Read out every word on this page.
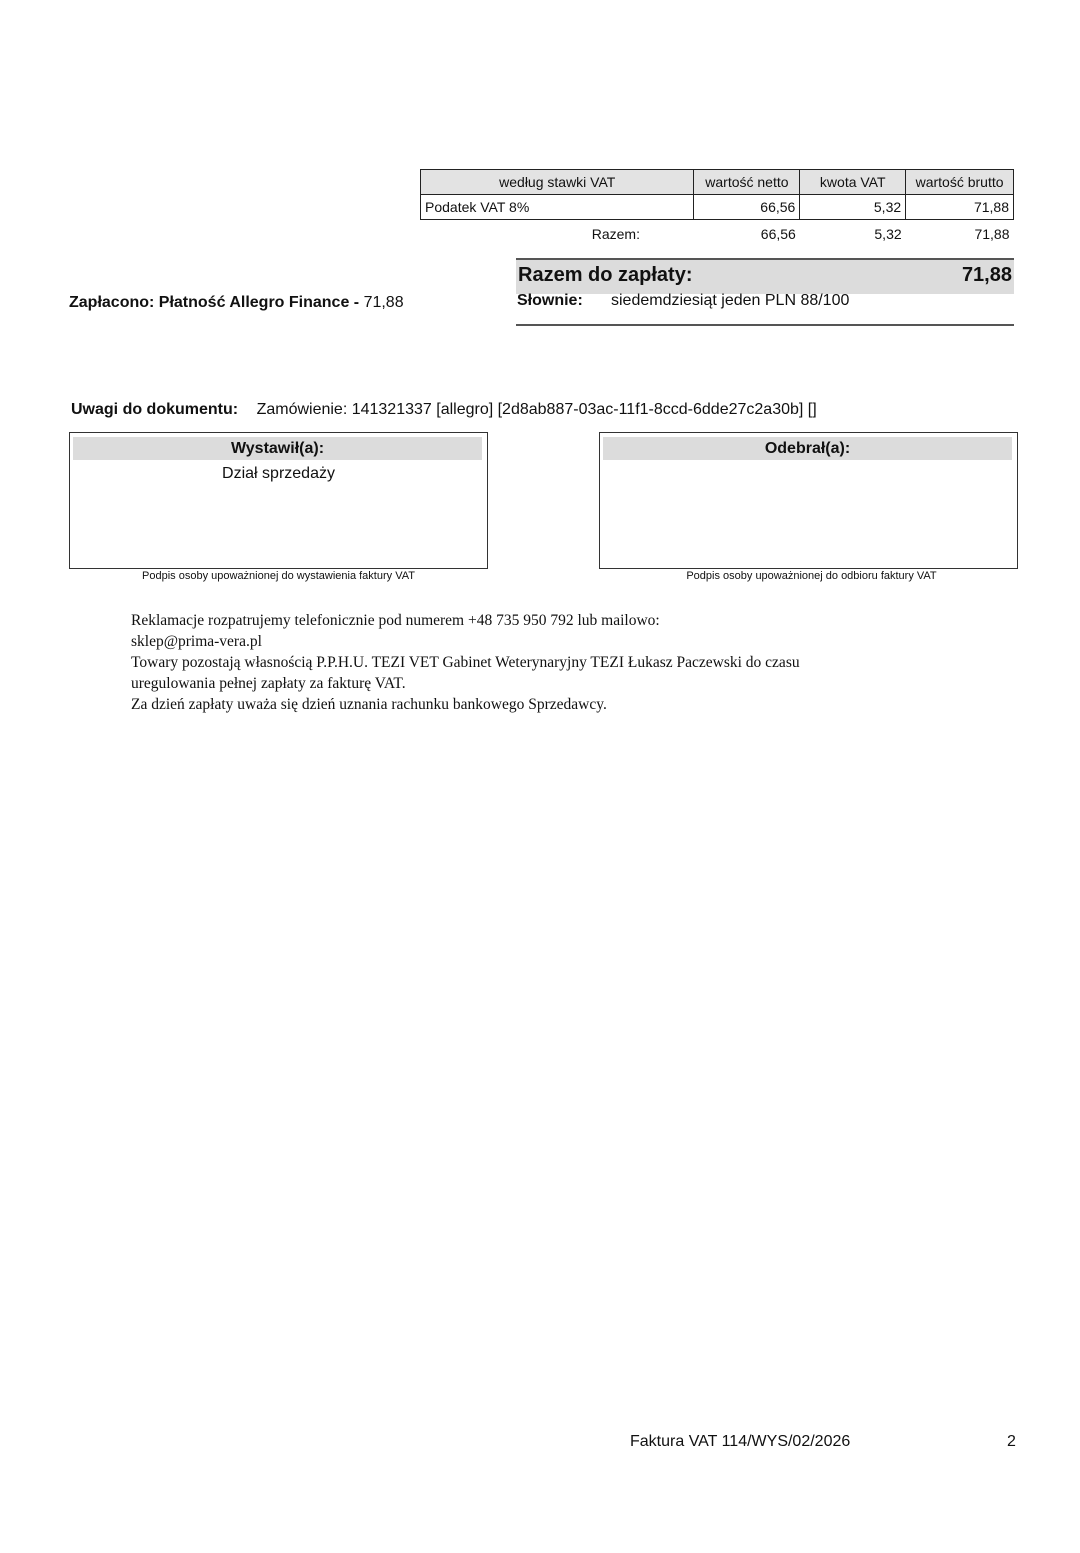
według stawki VAT	wartość netto	kwota VAT	wartość brutto
Podatek VAT 8%	66,56	5,32	71,88
Razem:	66,56	5,32	71,88
Razem do zapłaty:	71,88
Słownie: siedemdziesiąt jeden PLN 88/100
Zapłacono: Płatność Allegro Finance - 71,88
Uwagi do dokumentu: Zamówienie: 141321337 [allegro] [2d8ab887-03ac-11f1-8ccd-6dde27c2a30b] []
Wystawił(a):
Dział sprzedaży
Podpis osoby upoważnionej do wystawienia faktury VAT
Odebrał(a):
Podpis osoby upoważnionej do odbioru faktury VAT
Reklamacje rozpatrujemy telefonicznie pod numerem +48 735 950 792 lub mailowo:
sklep@prima-vera.pl
Towary pozostają własnością P.P.H.U. TEZI VET Gabinet Weterynaryjny TEZI Łukasz Paczewski do czasu
uregulowania pełnej zapłaty za fakturę VAT.
Za dzień zapłaty uważa się dzień uznania rachunku bankowego Sprzedawcy.
Faktura VAT 114/WYS/02/2026	2
